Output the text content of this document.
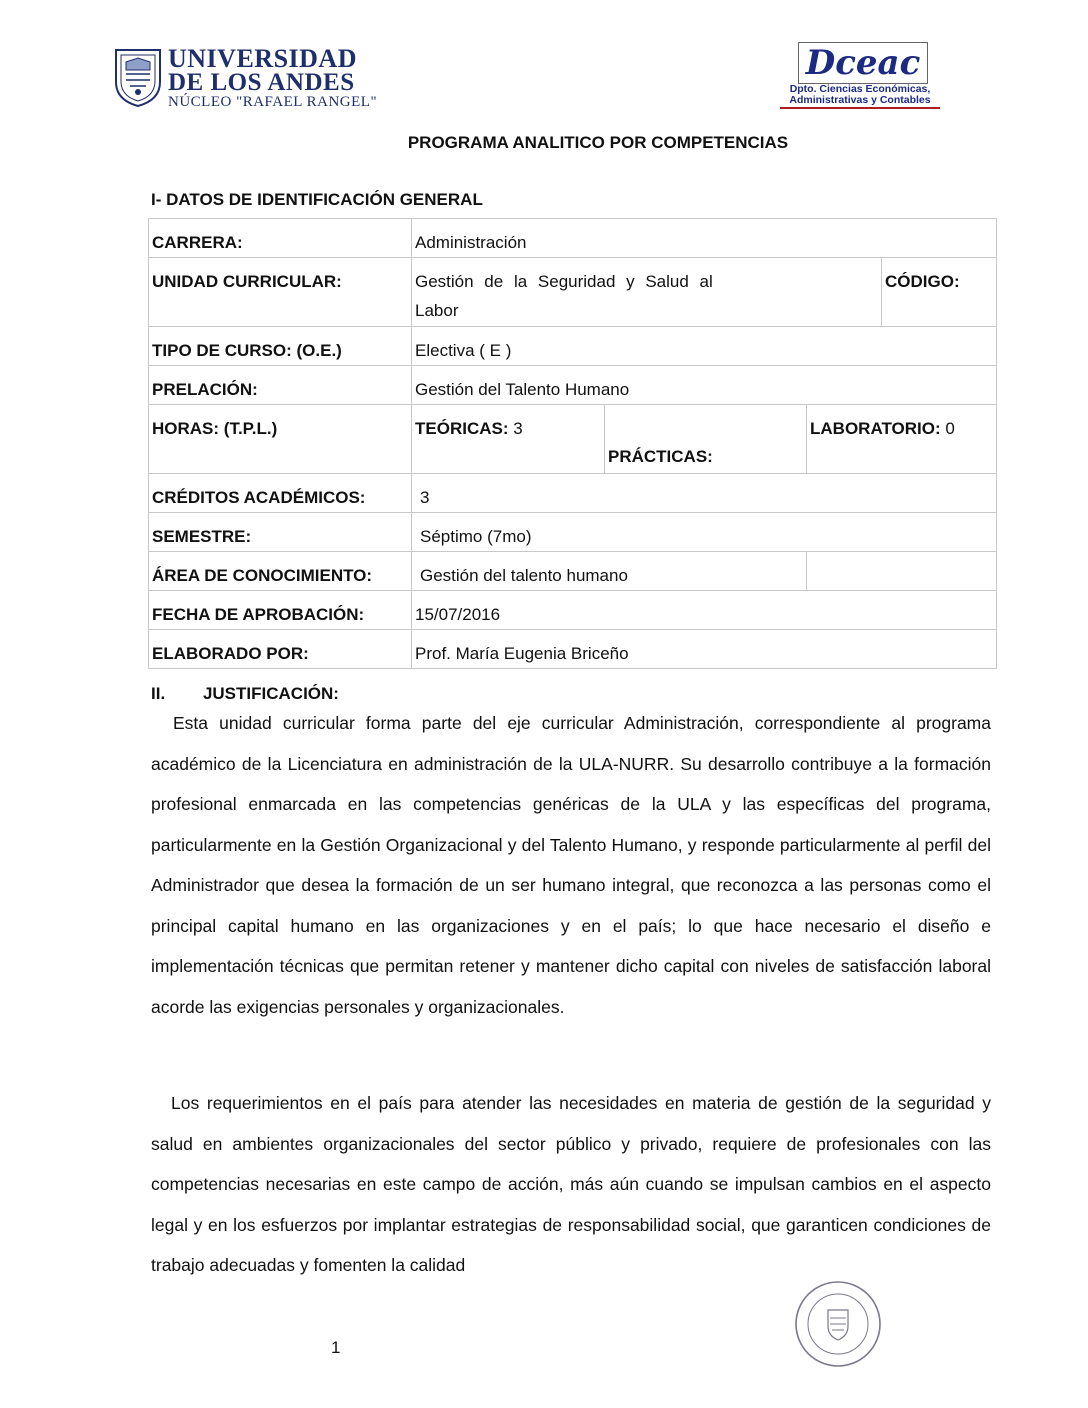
UNIVERSIDAD
DE LOS ANDES
NÚCLEO "RAFAEL RANGEL"
Dceac
Dpto. Ciencias Económicas,
Administrativas y Contables
PROGRAMA ANALITICO POR COMPETENCIAS
I- DATOS DE IDENTIFICACIÓN GENERAL
CARRERA:	Administración			
UNIDAD CURRICULAR:	Gestión de la Seguridad y Salud al Labor			CÓDIGO:
TIPO DE CURSO: (O.E.)	Electiva ( E )			
PRELACIÓN:	Gestión del Talento Humano			
HORAS: (T.P.L.)	TEÓRICAS: 3	PRÁCTICAS:	LABORATORIO: 0	
CRÉDITOS ACADÉMICOS:	3			
SEMESTRE:	Séptimo (7mo)			
ÁREA DE CONOCIMIENTO:	Gestión del talento humano			
FECHA DE APROBACIÓN:	15/07/2016			
ELABORADO POR:	Prof. María Eugenia Briceño			
II.        JUSTIFICACIÓN:
Esta unidad curricular forma parte del eje curricular Administración, correspondiente al programa académico de la Licenciatura en administración de la ULA-NURR. Su desarrollo contribuye a la formación profesional enmarcada en las competencias genéricas de la ULA y las específicas del programa, particularmente en la Gestión Organizacional y del Talento Humano, y responde particularmente al perfil del Administrador que desea la formación de un ser humano integral, que reconozca a las personas como el principal capital humano en las organizaciones y en el país; lo que hace necesario el diseño e implementación técnicas que permitan retener y mantener dicho capital con niveles de satisfacción laboral acorde las exigencias personales y organizacionales.
Los requerimientos en el país para atender las necesidades en materia de gestión de la seguridad y salud en ambientes organizacionales del sector público y privado, requiere de profesionales con las competencias necesarias en este campo de acción, más aún cuando se impulsan cambios en el aspecto legal y en los esfuerzos por implantar estrategias de responsabilidad social, que garanticen condiciones de trabajo adecuadas y fomenten la calidad
1
